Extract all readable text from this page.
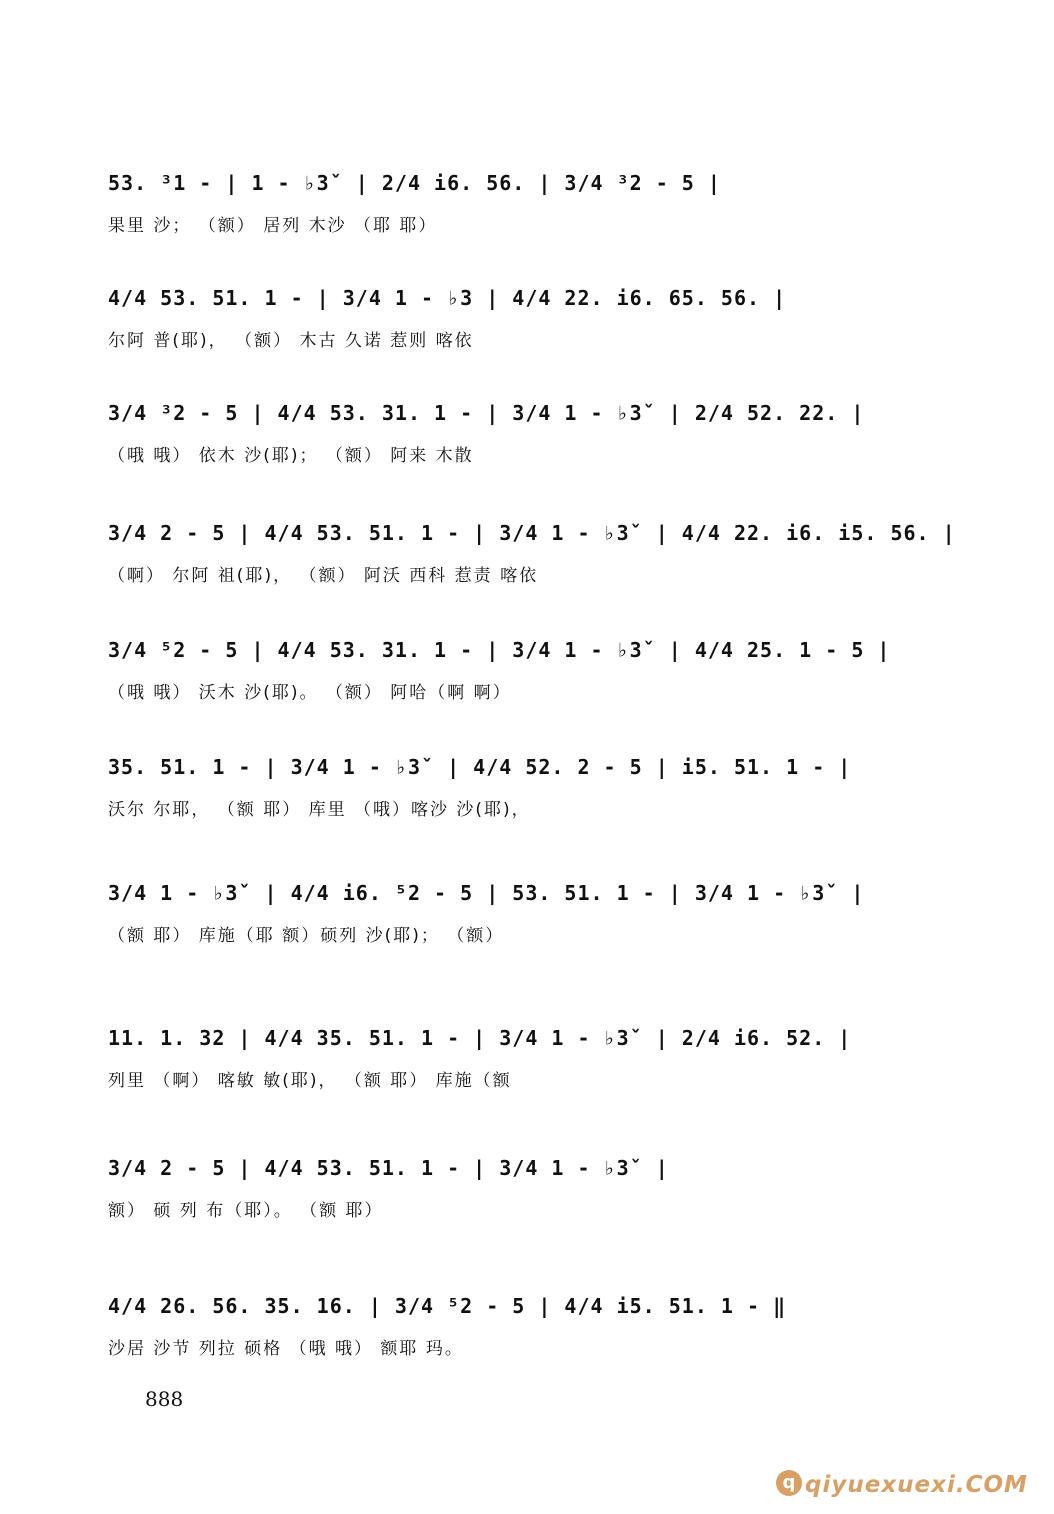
53. ³1 - | 1 - ♭3ˇ | 2/4 i6. 56. | 3/4 ³2 - 5 |
果里 沙； （额） 居列 木沙 （耶 耶）
4/4 53. 51. 1 - | 3/4 1 - ♭3 | 4/4 22. i6. 65. 56. |
尔阿 普(耶)， （额） 木古 久诺 惹则 喀依
3/4 ³2 - 5 | 4/4 53. 31. 1 - | 3/4 1 - ♭3ˇ | 2/4 52. 22. |
（哦 哦） 依木 沙(耶)； （额） 阿来 木散
3/4 2 - 5 | 4/4 53. 51. 1 - | 3/4 1 - ♭3ˇ | 4/4 22. i6. i5. 56. |
（啊） 尔阿 祖(耶)， （额） 阿沃 西科 惹责 喀依
3/4 ⁵2 - 5 | 4/4 53. 31. 1 - | 3/4 1 - ♭3ˇ | 4/4 25. 1 - 5 |
（哦 哦） 沃木 沙(耶)。 （额） 阿哈（啊 啊）
35. 51. 1 - | 3/4 1 - ♭3ˇ | 4/4 52. 2 - 5 | i5. 51. 1 - |
沃尔 尔耶， （额 耶） 库里 （哦）喀沙 沙(耶)，
3/4 1 - ♭3ˇ | 4/4 i6. ⁵2 - 5 | 53. 51. 1 - | 3/4 1 - ♭3ˇ |
（额 耶） 库施（耶 额）硕列 沙(耶)； （额）
11. 1. 32 | 4/4 35. 51. 1 - | 3/4 1 - ♭3ˇ | 2/4 i6. 52. |
列里 （啊） 喀敏 敏(耶)， （额 耶） 库施（额
3/4 2 - 5 | 4/4 53. 51. 1 - | 3/4 1 - ♭3ˇ |
额） 硕 列 布（耶）。 （额 耶）
4/4 26. 56. 35. 16. | 3/4 ⁵2 - 5 | 4/4 i5. 51. 1 - ‖
沙居 沙节 列拉 硕格 （哦 哦） 额耶 玛。
888
q qiyuexuexi.COM
